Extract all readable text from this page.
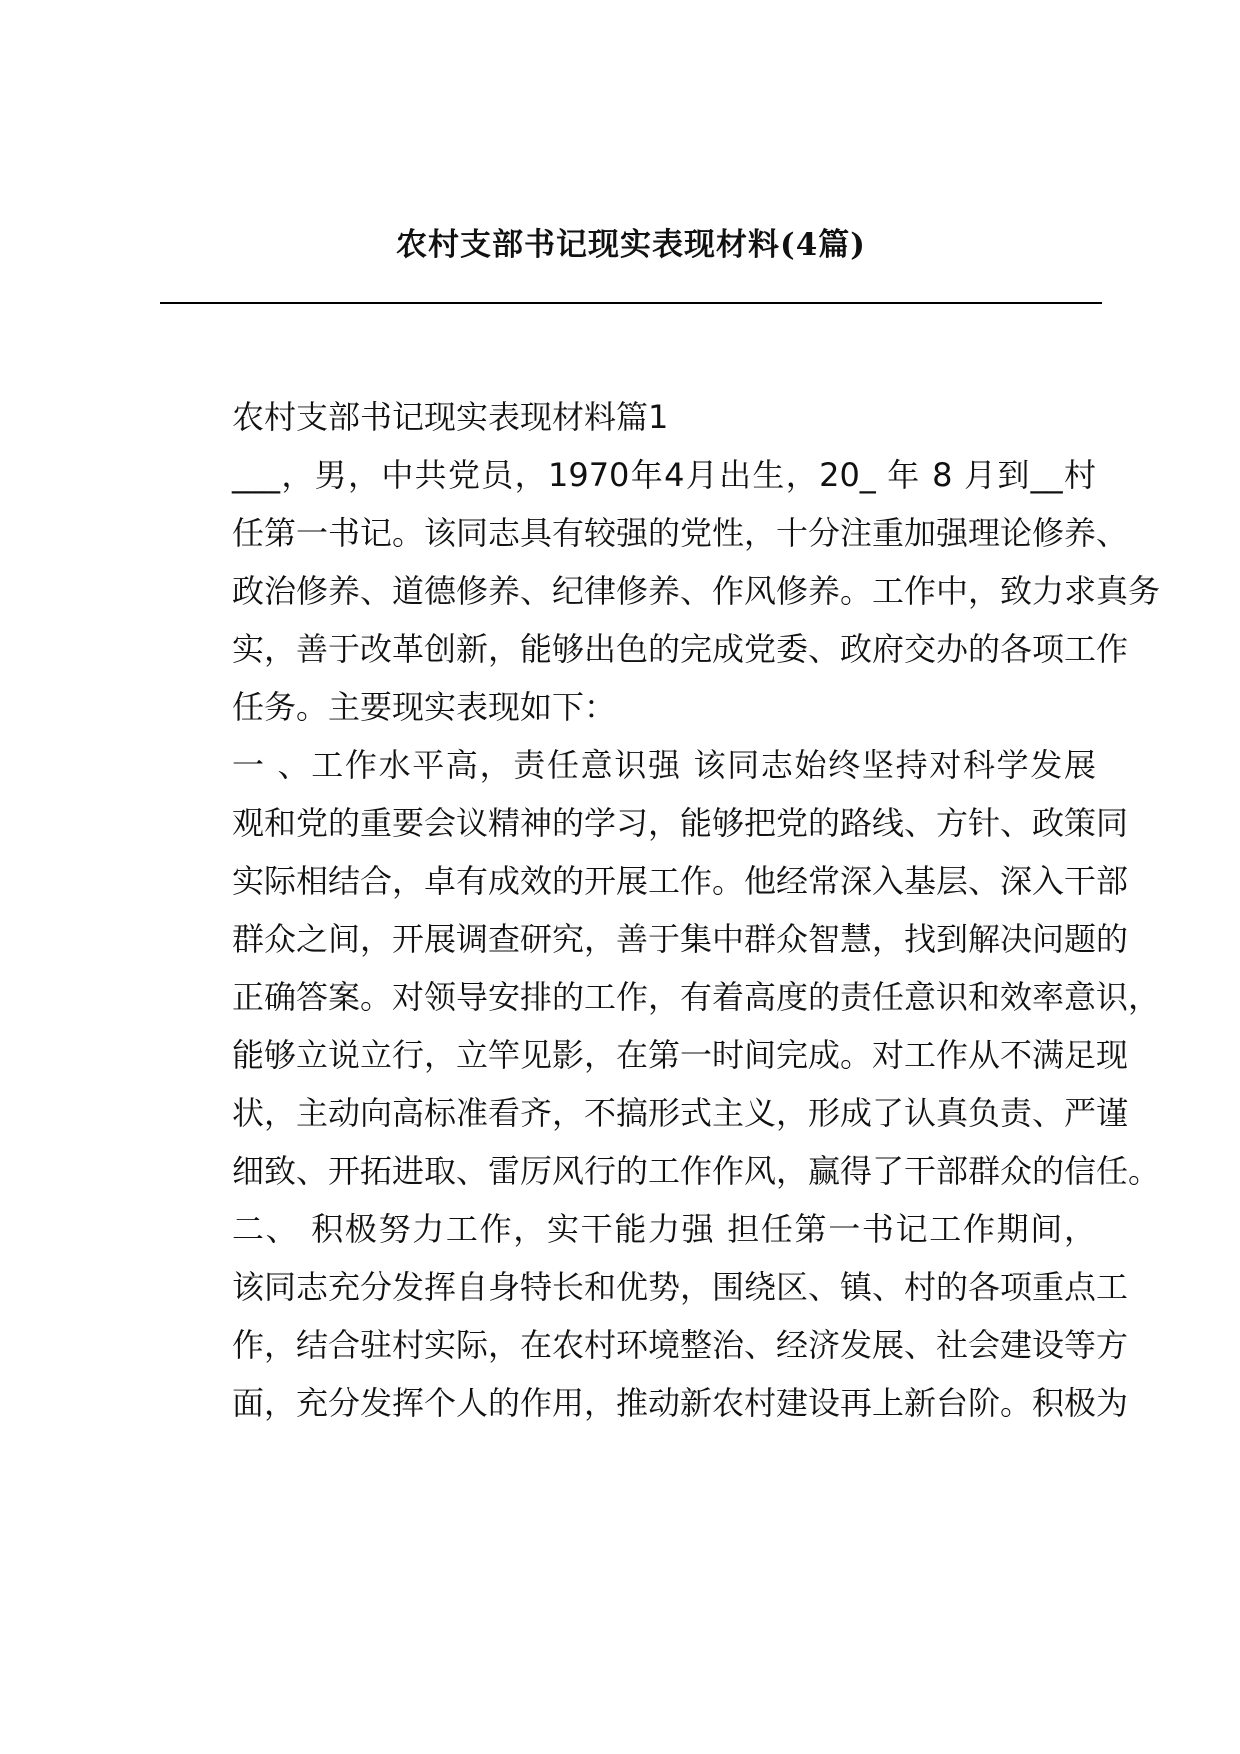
农村支部书记现实表现材料(4篇)

农村支部书记现实表现材料篇1

___，男，中共党员，1970年4月出生，20_ 年 8 月到__村
任第一书记。该同志具有较强的党性，十分注重加强理论修养、
政治修养、道德修养、纪律修养、作风修养。工作中，致力求真务
实，善于改革创新，能够出色的完成党委、政府交办的各项工作
任务。主要现实表现如下：

一 、工作水平高，责任意识强 该同志始终坚持对科学发展
观和党的重要会议精神的学习，能够把党的路线、方针、政策同
实际相结合，卓有成效的开展工作。他经常深入基层、深入干部
群众之间，开展调查研究，善于集中群众智慧，找到解决问题的
正确答案。对领导安排的工作，有着高度的责任意识和效率意识，
能够立说立行，立竿见影，在第一时间完成。对工作从不满足现
状，主动向高标准看齐，不搞形式主义，形成了认真负责、严谨
细致、开拓进取、雷厉风行的工作作风，赢得了干部群众的信任。

二、 积极努力工作，实干能力强 担任第一书记工作期间，
该同志充分发挥自身特长和优势，围绕区、镇、村的各项重点工
作，结合驻村实际，在农村环境整治、经济发展、社会建设等方
面，充分发挥个人的作用，推动新农村建设再上新台阶。积极为
